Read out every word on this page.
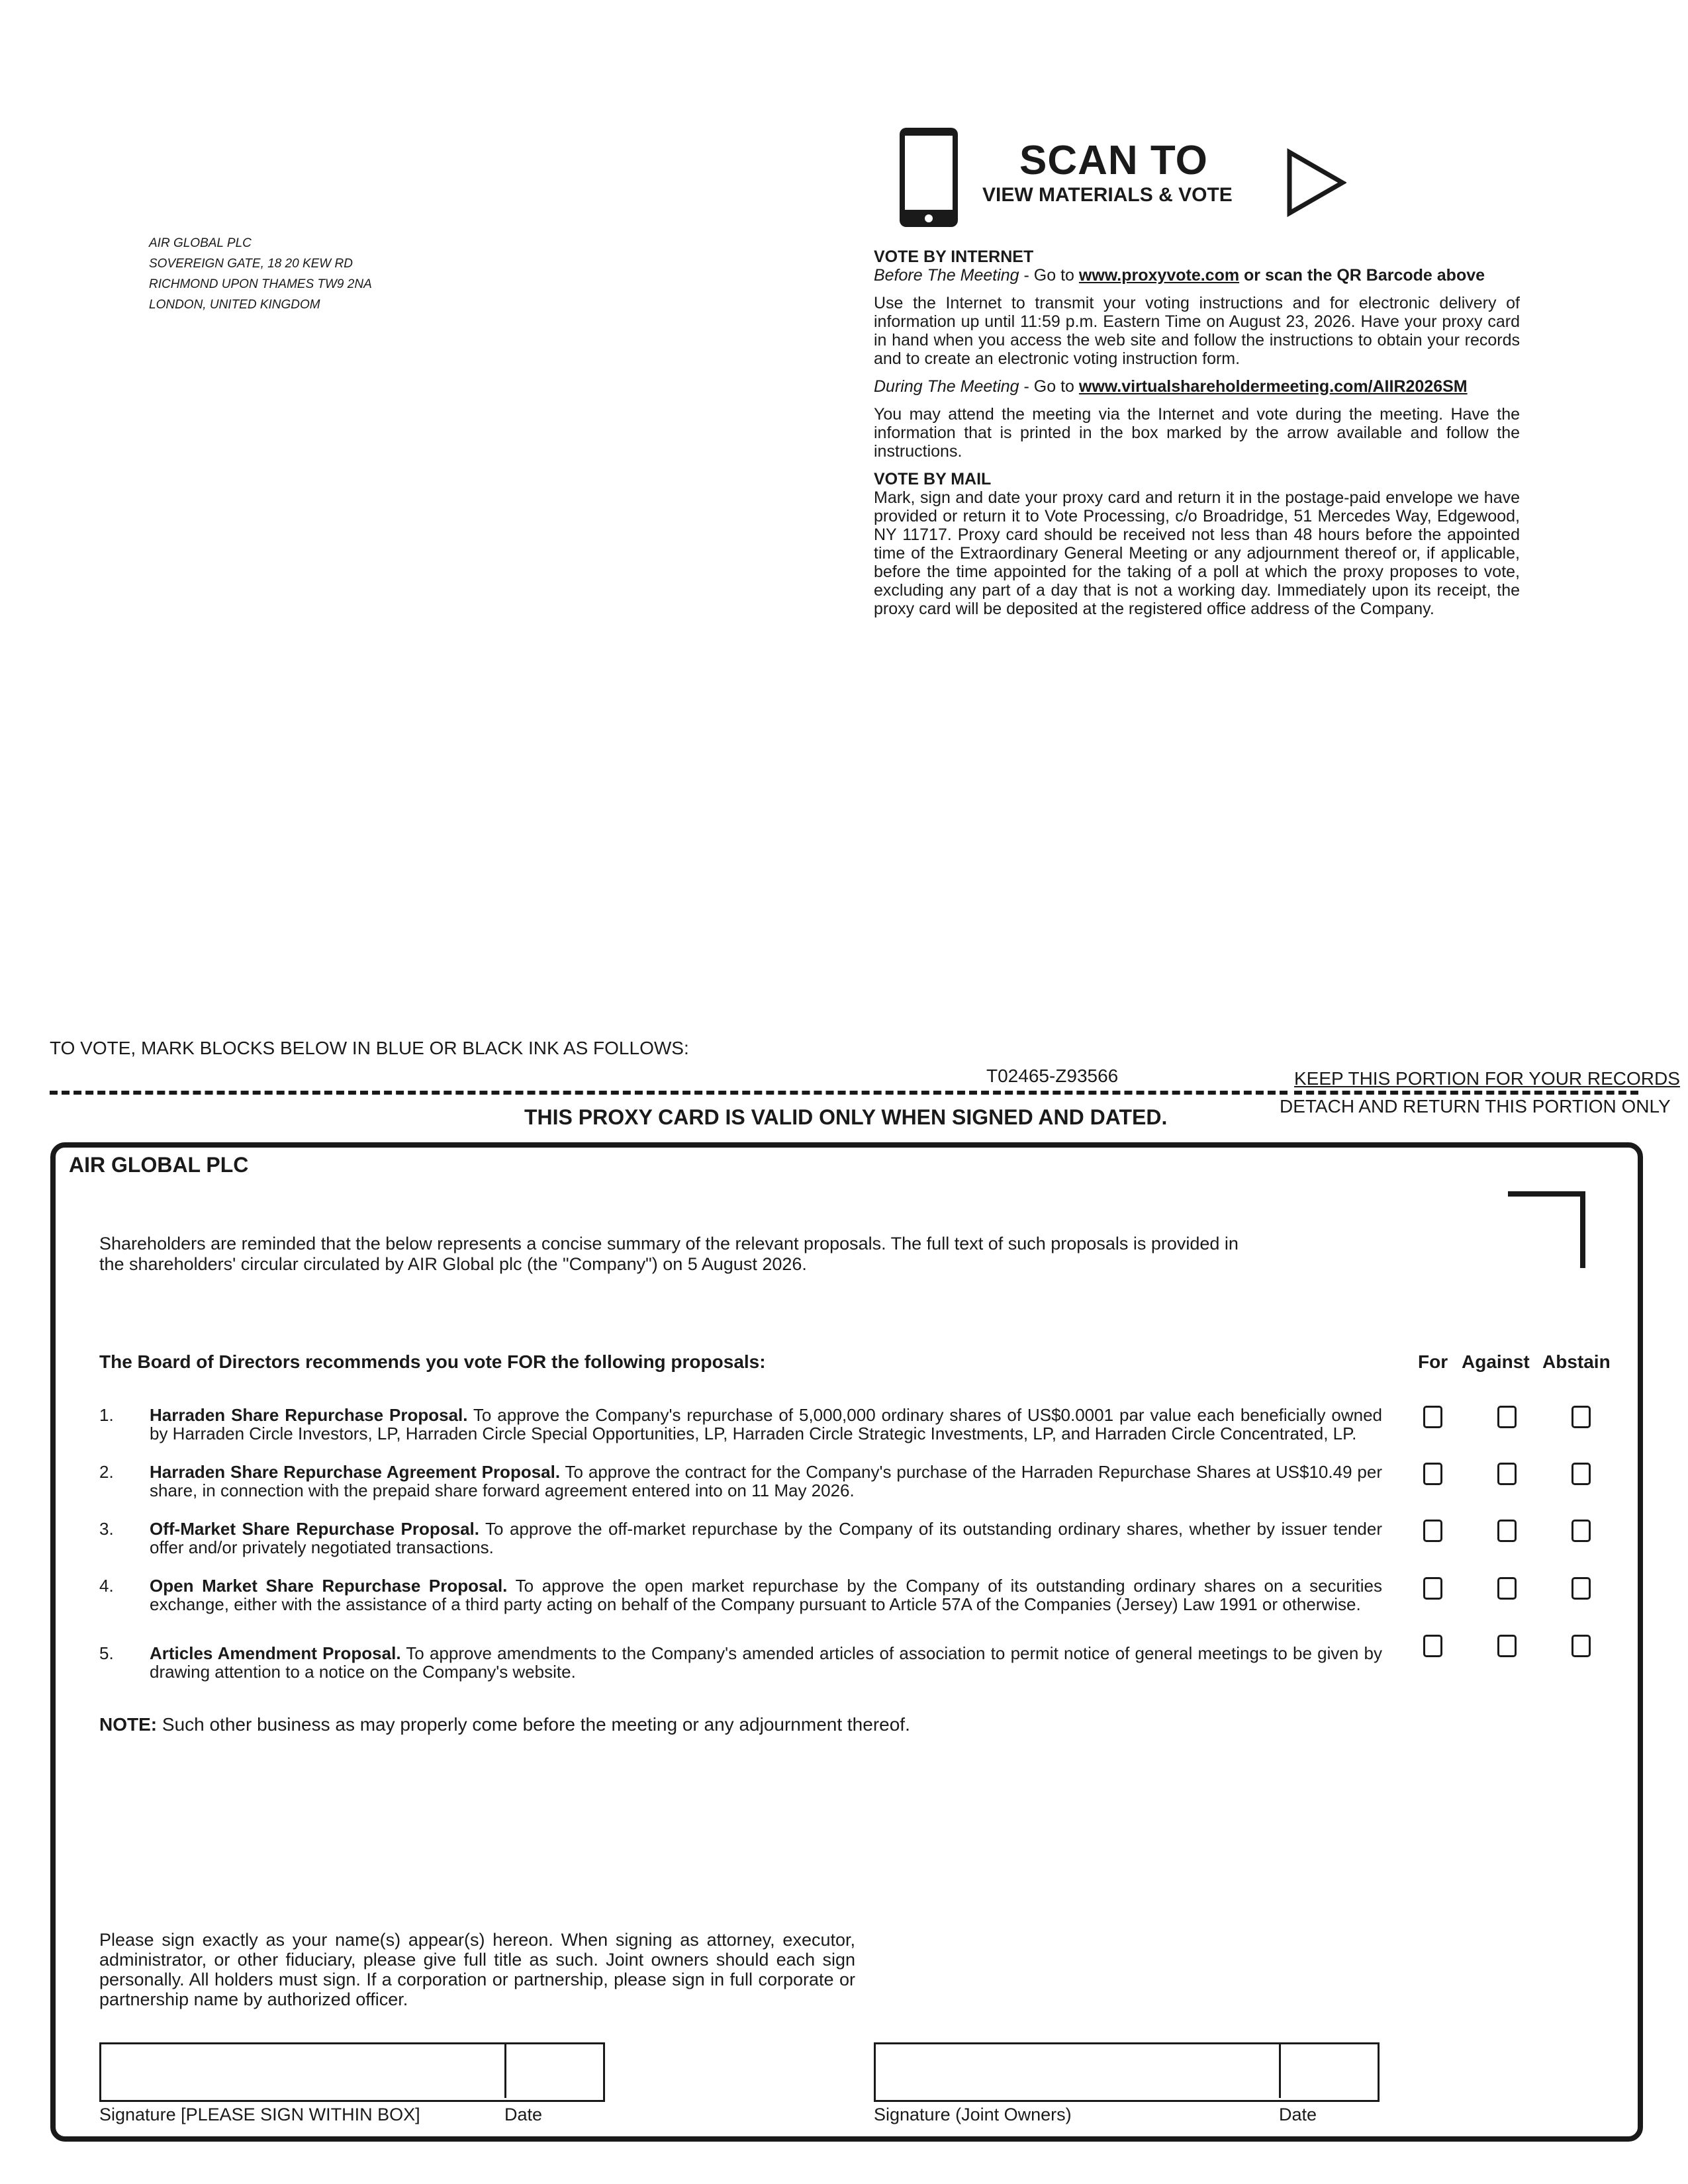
AIR GLOBAL PLC
SOVEREIGN GATE, 18 20 KEW RD
RICHMOND UPON THAMES TW9 2NA
LONDON, UNITED KINGDOM
SCAN TO
VIEW MATERIALS & VOTE

VOTE BY INTERNET

Before The Meeting - Go to www.proxyvote.com or scan the QR Barcode above

Use the Internet to transmit your voting instructions and for electronic delivery of information up until 11:59 p.m. Eastern Time on August 23, 2026. Have your proxy card in hand when you access the web site and follow the instructions to obtain your records and to create an electronic voting instruction form.

During The Meeting - Go to www.virtualshareholdermeeting.com/AIIR2026SM

You may attend the meeting via the Internet and vote during the meeting. Have the information that is printed in the box marked by the arrow available and follow the instructions.

VOTE BY MAIL

Mark, sign and date your proxy card and return it in the postage-paid envelope we have provided or return it to Vote Processing, c/o Broadridge, 51 Mercedes Way, Edgewood, NY 11717. Proxy card should be received not less than 48 hours before the appointed time of the Extraordinary General Meeting or any adjournment thereof or, if applicable, before the time appointed for the taking of a poll at which the proxy proposes to vote, excluding any part of a day that is not a working day. Immediately upon its receipt, the proxy card will be deposited at the registered office address of the Company.

TO VOTE, MARK BLOCKS BELOW IN BLUE OR BLACK INK AS FOLLOWS:
T02465-Z93566	KEEP THIS PORTION FOR YOUR RECORDS
DETACH AND RETURN THIS PORTION ONLY
THIS PROXY CARD IS VALID ONLY WHEN SIGNED AND DATED.
AIR GLOBAL PLC
Shareholders are reminded that the below represents a concise summary of the relevant proposals. The full text of such proposals is provided in the shareholders' circular circulated by AIR Global plc (the "Company") on 5 August 2026.
The Board of Directors recommends you vote FOR the following proposals:	For Against Abstain
1. Harraden Share Repurchase Proposal. To approve the Company's repurchase of 5,000,000 ordinary shares of US$0.0001 par value each beneficially owned by Harraden Circle Investors, LP, Harraden Circle Special Opportunities, LP, Harraden Circle Strategic Investments, LP, and Harraden Circle Concentrated, LP.
2. Harraden Share Repurchase Agreement Proposal. To approve the contract for the Company's purchase of the Harraden Repurchase Shares at US$10.49 per share, in connection with the prepaid share forward agreement entered into on 11 May 2026.
3. Off-Market Share Repurchase Proposal. To approve the off-market repurchase by the Company of its outstanding ordinary shares, whether by issuer tender offer and/or privately negotiated transactions.
4. Open Market Share Repurchase Proposal. To approve the open market repurchase by the Company of its outstanding ordinary shares on a securities exchange, either with the assistance of a third party acting on behalf of the Company pursuant to Article 57A of the Companies (Jersey) Law 1991 or otherwise.
5. Articles Amendment Proposal. To approve amendments to the Company's amended articles of association to permit notice of general meetings to be given by drawing attention to a notice on the Company's website.
NOTE: Such other business as may properly come before the meeting or any adjournment thereof.
Please sign exactly as your name(s) appear(s) hereon. When signing as attorney, executor, administrator, or other fiduciary, please give full title as such. Joint owners should each sign personally. All holders must sign. If a corporation or partnership, please sign in full corporate or partnership name by authorized officer.
Signature [PLEASE SIGN WITHIN BOX]	Date	Signature (Joint Owners)	Date
